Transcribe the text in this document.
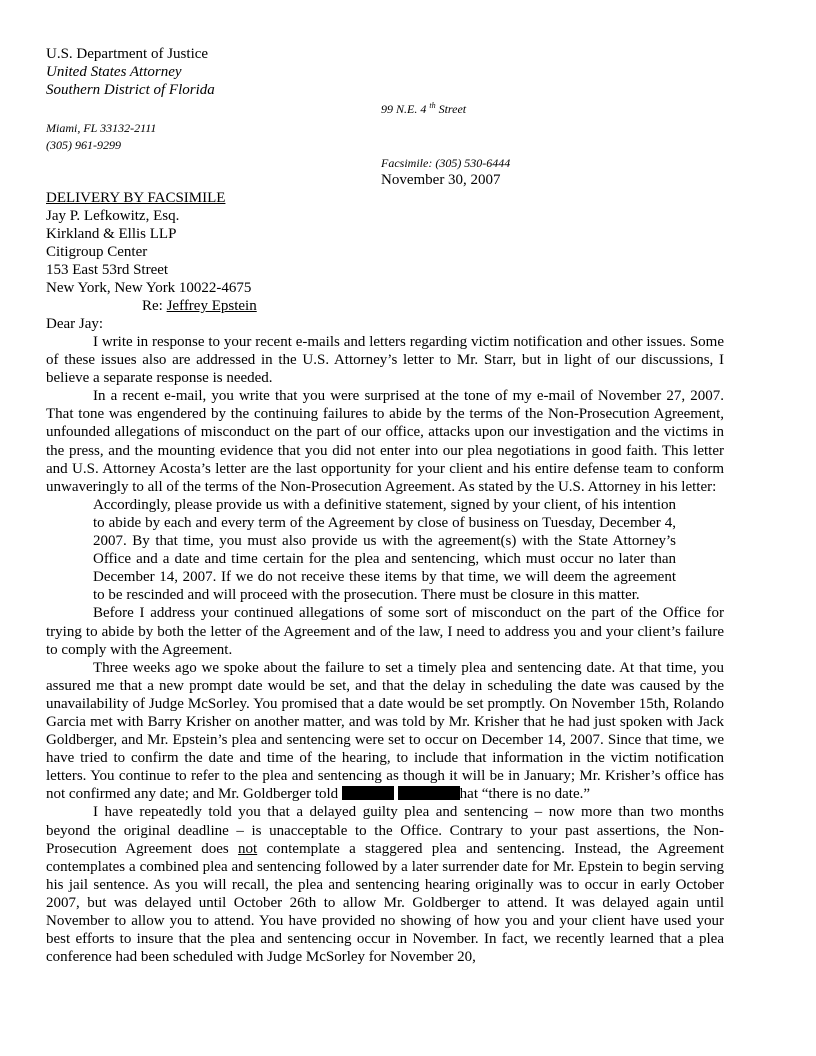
U.S. Department of Justice
United States Attorney
Southern District of Florida
99 N.E. 4 $^{th}$ Street
Miami, FL 33132-2111
(305) 961-9299
Facsimile: (305) 530-6444
November 30, 2007
DELIVERY BY FACSIMILE
Jay P. Lefkowitz, Esq.
Kirkland & Ellis LLP
Citigroup Center
153 East 53rd Street
New York, New York 10022-4675
Re: Jeffrey Epstein
Dear Jay:

I write in response to your recent e-mails and letters regarding victim notification and other issues. Some of these issues also are addressed in the U.S. Attorney’s letter to Mr. Starr, but in light of our discussions, I believe a separate response is needed.

In a recent e-mail, you write that you were surprised at the tone of my e-mail of November 27, 2007. That tone was engendered by the continuing failures to abide by the terms of the Non-Prosecution Agreement, unfounded allegations of misconduct on the part of our office, attacks upon our investigation and the victims in the press, and the mounting evidence that you did not enter into our plea negotiations in good faith. This letter and U.S. Attorney Acosta’s letter are the last opportunity for your client and his entire defense team to conform unwaveringly to all of the terms of the Non-Prosecution Agreement. As stated by the U.S. Attorney in his letter:

Accordingly, please provide us with a definitive statement, signed by your client, of his intention to abide by each and every term of the Agreement by close of business on Tuesday, December 4, 2007. By that time, you must also provide us with the agreement(s) with the State Attorney’s Office and a date and time certain for the plea and sentencing, which must occur no later than December 14, 2007. If we do not receive these items by that time, we will deem the agreement to be rescinded and will proceed with the prosecution. There must be closure in this matter.

Before I address your continued allegations of some sort of misconduct on the part of the Office for trying to abide by both the letter of the Agreement and of the law, I need to address you and your client’s failure to comply with the Agreement.

Three weeks ago we spoke about the failure to set a timely plea and sentencing date. At that time, you assured me that a new prompt date would be set, and that the delay in scheduling the date was caused by the unavailability of Judge McSorley. You promised that a date would be set promptly. On November 15th, Rolando Garcia met with Barry Krisher on another matter, and was told by Mr. Krisher that he had just spoken with Jack Goldberger, and Mr. Epstein’s plea and sentencing were set to occur on December 14, 2007. Since that time, we have tried to confirm the date and time of the hearing, to include that information in the victim notification letters. You continue to refer to the plea and sentencing as though it will be in January; Mr. Krisher’s office has not confirmed any date; and Mr. Goldberger told	hat “there is no date.”

I have repeatedly told you that a delayed guilty plea and sentencing – now more than two months beyond the original deadline – is unacceptable to the Office. Contrary to your past assertions, the Non-Prosecution Agreement does not contemplate a staggered plea and sentencing. Instead, the Agreement contemplates a combined plea and sentencing followed by a later surrender date for Mr. Epstein to begin serving his jail sentence. As you will recall, the plea and sentencing hearing originally was to occur in early October 2007, but was delayed until October 26th to allow Mr. Goldberger to attend. It was delayed again until November to allow you to attend. You have provided no showing of how you and your client have used your best efforts to insure that the plea and sentencing occur in November. In fact, we recently learned that a plea conference had been scheduled with Judge McSorley for November 20,
